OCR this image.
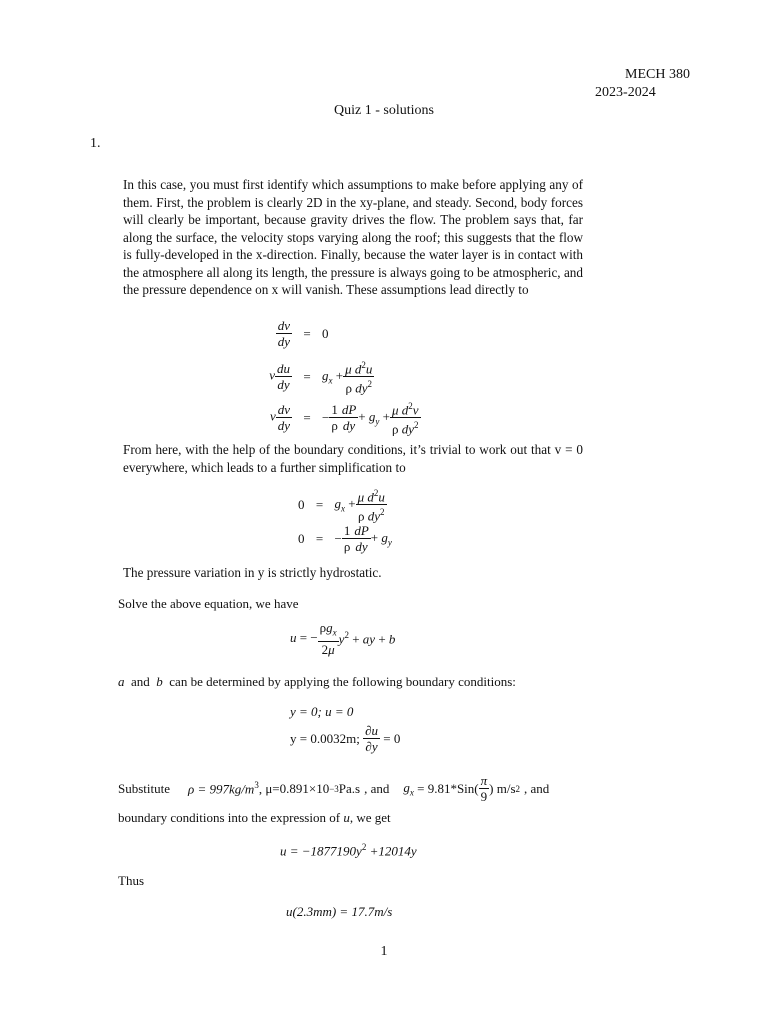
MECH 380
2023-2024
Quiz 1 - solutions
1.
In this case, you must first identify which assumptions to make before applying any of them. First, the problem is clearly 2D in the xy-plane, and steady. Second, body forces will clearly be important, because gravity drives the flow. The problem says that, far along the surface, the velocity stops varying along the roof; this suggests that the flow is fully-developed in the x-direction. Finally, because the water layer is in contact with the atmosphere all along its length, the pressure is always going to be atmospheric, and the pressure dependence on x will vanish. These assumptions lead directly to
$\frac{dv}{dy} = 0$
v $\frac{du}{dy} = g_x + \frac{\mu d^2u}{\rho dy^2}$
v $\frac{dv}{dy}$ = − $\frac{1}{\rho} \frac{dP}{dy} + g_y + \frac{\mu d^2v}{\rho dy^2}$
From here, with the help of the boundary conditions, it’s trivial to work out that v = 0 everywhere, which leads to a further simplification to
$0 = g_x + \frac{\mu d^2u}{\rho dy^2}$
0 = − $\frac{1}{\rho} \frac{dP}{dy} + g_y$
The pressure variation in y is strictly hydrostatic.
Solve the above equation, we have
u = − $\frac{\rho g_x}{2\mu} y^2$ + ay + b
a  and  b can be determined by applying the following boundary conditions:
y = 0; u = 0
y = 0.0032m;
$\frac{\partial u}{\partial y} = 0$
Substitute $\rho = 997kg/m^3$, μ=0.891×10 −3 Pa.s , and $g_x = 9.81*Sin( \frac{\pi}{9}$ ) m/s 2 , and
boundary conditions into the expression of u, we get
$u = -1877190y^2 +12014y$
Thus
u(2.3mm) = 17.7m/s
1
